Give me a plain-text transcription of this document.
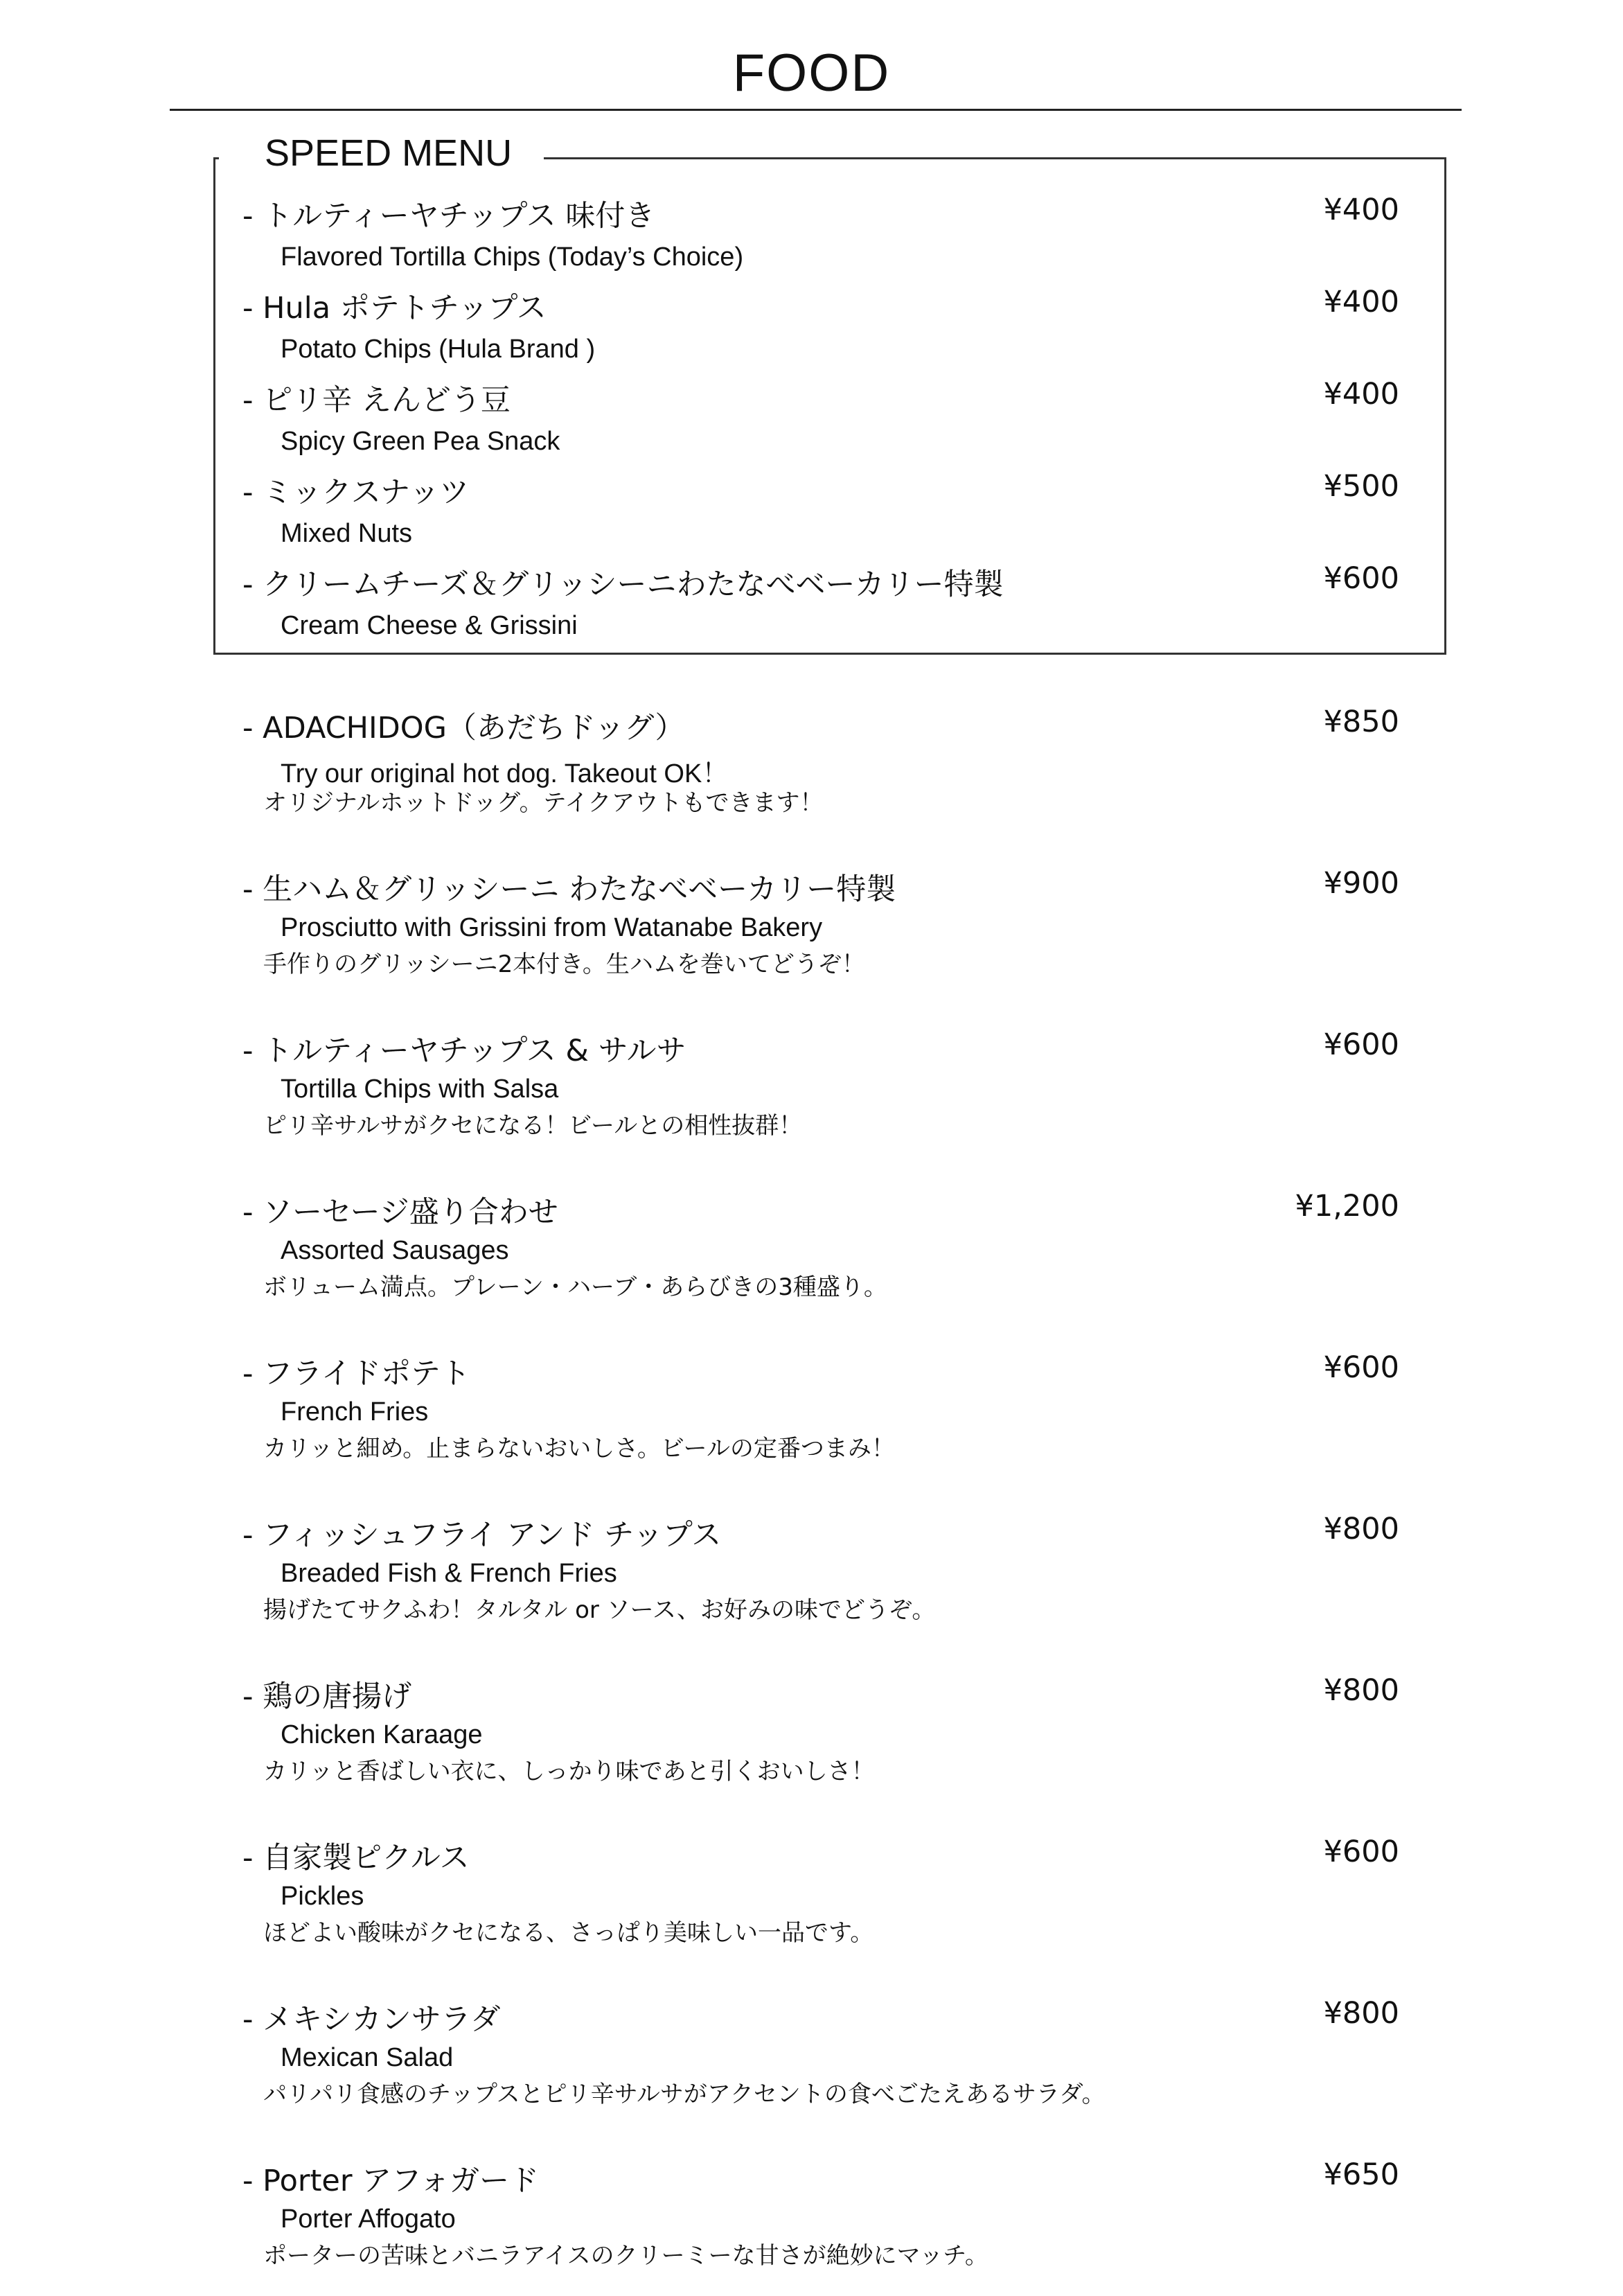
FOOD
SPEED MENU
- トルティーヤチップス 味付き	¥400
Flavored Tortilla Chips (Today’s Choice)
- Hula ポテトチップス	¥400
Potato Chips (Hula Brand )
- ピリ辛 えんどう豆	¥400
Spicy Green Pea Snack
- ミックスナッツ	¥500
Mixed Nuts
- クリームチーズ＆グリッシーニわたなべベーカリー特製	¥600
Cream Cheese & Grissini
- ADACHIDOG（あだちドッグ）	¥850
Try our original hot dog. Takeout OK！
オリジナルホットドッグ。テイクアウトもできます！
- 生ハム＆グリッシーニ わたなべベーカリー特製	¥900
Prosciutto with Grissini from Watanabe Bakery
手作りのグリッシーニ2本付き。生ハムを巻いてどうぞ！
- トルティーヤチップス & サルサ	¥600
Tortilla Chips with Salsa
ピリ辛サルサがクセになる！ビールとの相性抜群！
- ソーセージ盛り合わせ	¥1,200
Assorted Sausages
ボリューム満点。プレーン・ハーブ・あらびきの3種盛り。
- フライドポテト	¥600
French Fries
カリッと細め。止まらないおいしさ。ビールの定番つまみ！
- フィッシュフライ アンド チップス	¥800
Breaded Fish & French Fries
揚げたてサクふわ！タルタル or ソース、お好みの味でどうぞ。
- 鶏の唐揚げ	¥800
Chicken Karaage
カリッと香ばしい衣に、しっかり味であと引くおいしさ！
- 自家製ピクルス	¥600
Pickles
ほどよい酸味がクセになる、さっぱり美味しい一品です。
- メキシカンサラダ	¥800
Mexican Salad
パリパリ食感のチップスとピリ辛サルサがアクセントの食べごたえあるサラダ。
- Porter アフォガード	¥650
Porter Affogato
ポーターの苦味とバニラアイスのクリーミーな甘さが絶妙にマッチ。
